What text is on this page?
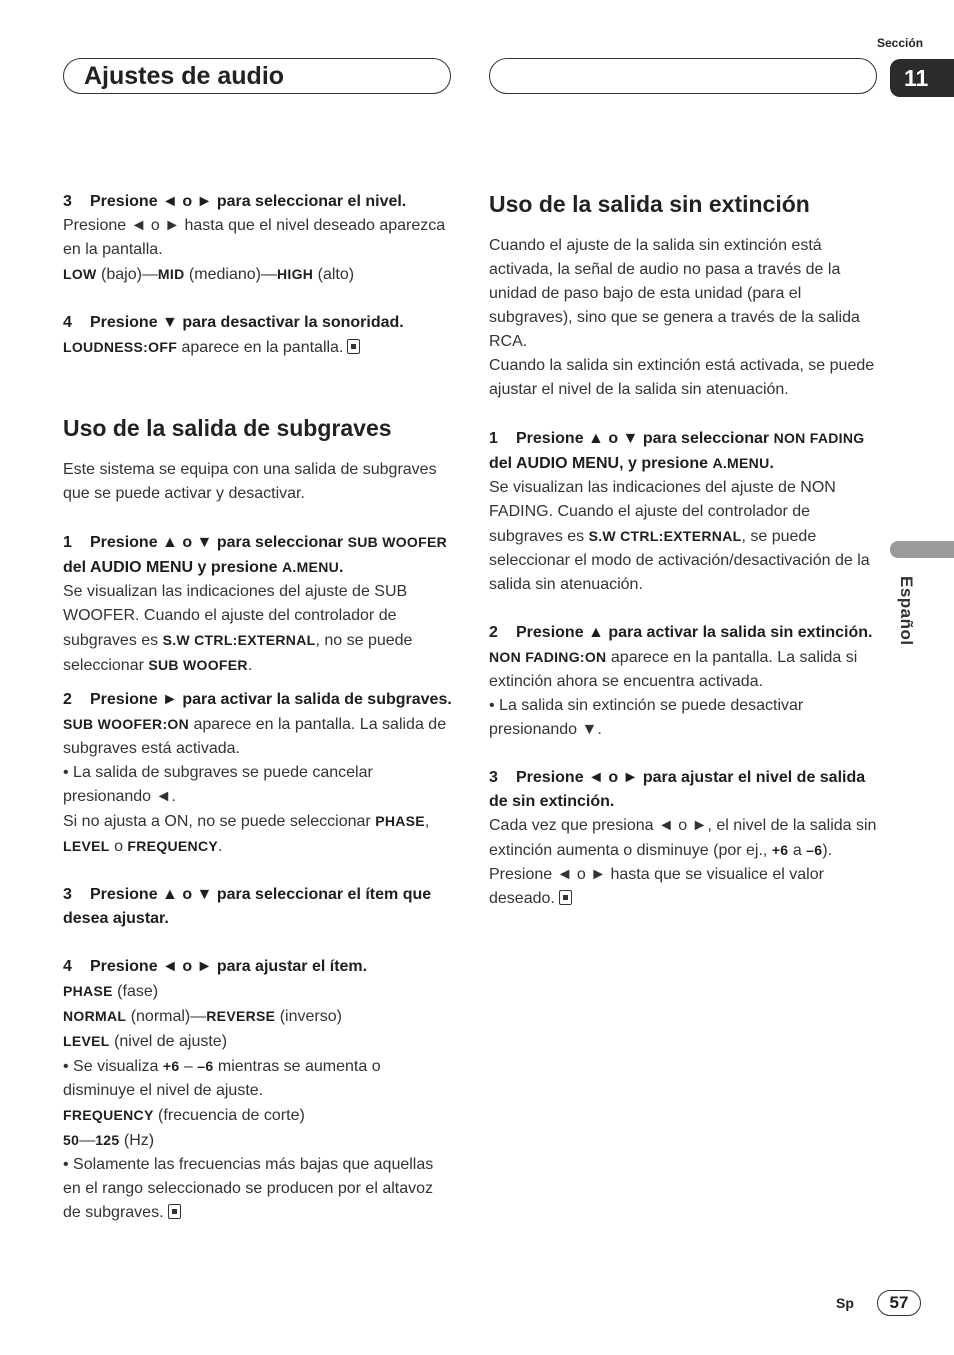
Ajustes de audio
Sección
11
Español

3 Presione ◄ o ► para seleccionar el nivel.

Presione ◄ o ► hasta que el nivel deseado aparezca en la pantalla.

LOW (bajo)—MID (mediano)—HIGH (alto)

4 Presione ▼ para desactivar la sonoridad.

LOUDNESS:OFF aparece en la pantalla.

Uso de la salida de subgraves

Este sistema se equipa con una salida de subgraves que se puede activar y desactivar.

1 Presione ▲ o ▼ para seleccionar SUB WOOFER del AUDIO MENU y presione A.MENU.

Se visualizan las indicaciones del ajuste de SUB WOOFER. Cuando el ajuste del controlador de subgraves es S.W CTRL:EXTERNAL, no se puede seleccionar SUB WOOFER.

2 Presione ► para activar la salida de subgraves.

SUB WOOFER:ON aparece en la pantalla. La salida de subgraves está activada.

• La salida de subgraves se puede cancelar presionando ◄.

Si no ajusta a ON, no se puede seleccionar PHASE, LEVEL o FREQUENCY.

3 Presione ▲ o ▼ para seleccionar el ítem que desea ajustar.

4 Presione ◄ o ► para ajustar el ítem.

PHASE (fase)

NORMAL (normal)—REVERSE (inverso)

LEVEL (nivel de ajuste)

• Se visualiza +6 – –6 mientras se aumenta o disminuye el nivel de ajuste.

FREQUENCY (frecuencia de corte)

50—125 (Hz)

• Solamente las frecuencias más bajas que aquellas en el rango seleccionado se producen por el altavoz de subgraves.

Uso de la salida sin extinción

Cuando el ajuste de la salida sin extinción está activada, la señal de audio no pasa a través de la unidad de paso bajo de esta unidad (para el subgraves), sino que se genera a través de la salida RCA.

Cuando la salida sin extinción está activada, se puede ajustar el nivel de la salida sin atenuación.

1 Presione ▲ o ▼ para seleccionar NON FADING del AUDIO MENU, y presione A.MENU.

Se visualizan las indicaciones del ajuste de NON FADING. Cuando el ajuste del controlador de subgraves es S.W CTRL:EXTERNAL, se puede seleccionar el modo de activación/desactivación de la salida sin atenuación.

2 Presione ▲ para activar la salida sin extinción.

NON FADING:ON aparece en la pantalla. La salida si extinción ahora se encuentra activada.

• La salida sin extinción se puede desactivar presionando ▼.

3 Presione ◄ o ► para ajustar el nivel de salida de sin extinción.

Cada vez que presiona ◄ o ►, el nivel de la salida sin extinción aumenta o disminuye (por ej., +6 a –6).

Presione ◄ o ► hasta que se visualice el valor deseado.

Sp	57
